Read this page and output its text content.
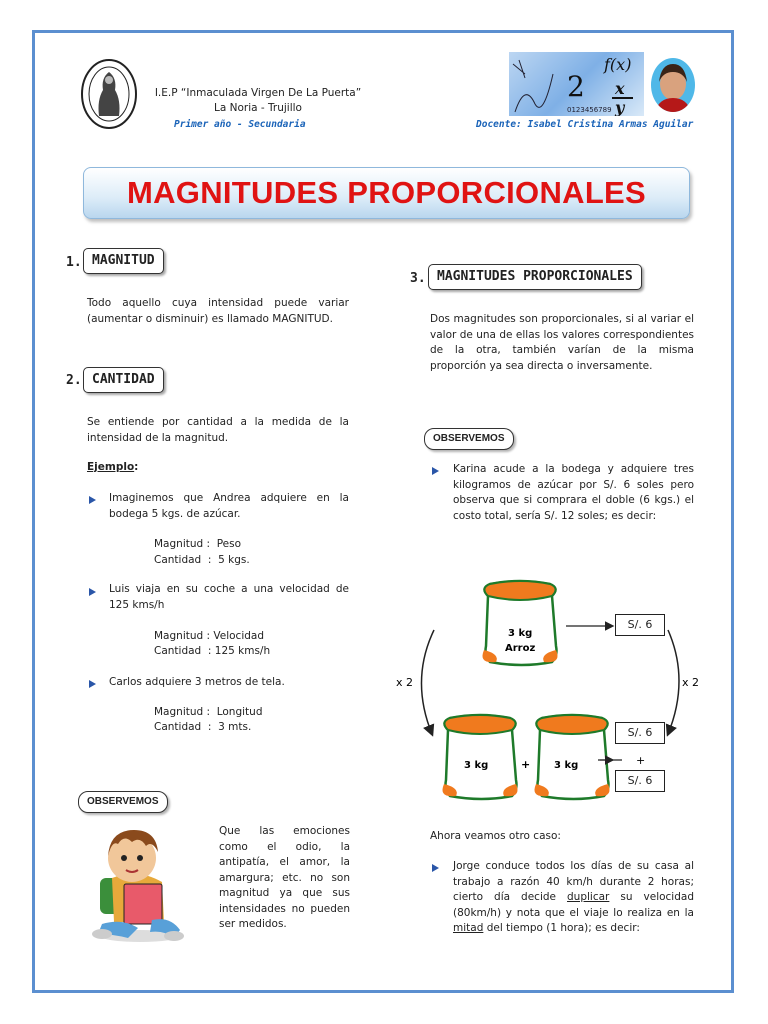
I.E.P “Inmaculada Virgen De La Puerta”
La Noria - Trujillo
Primer año - Secundaria
f(x)
2 x
y
0123456789
Docente: Isabel Cristina Armas Aguilar
MAGNITUDES PROPORCIONALES
1. MAGNITUD
Todo aquello cuya intensidad puede variar (aumentar o disminuir) es llamado MAGNITUD.
2. CANTIDAD
Se entiende por cantidad a la medida de la intensidad de la magnitud.
Ejemplo:
Imaginemos que Andrea adquiere en la bodega 5 kgs. de azúcar.
Magnitud :  Peso
Cantidad  :  5 kgs.
Luis viaja en su coche a una velocidad de 125 kms/h
Magnitud : Velocidad
Cantidad  : 125 kms/h
Carlos adquiere 3 metros de tela.
Magnitud :  Longitud
Cantidad  :  3 mts.
OBSERVEMOS
Que las emociones como el odio, la antipatía, el amor, la amargura; etc. no son magnitud ya que sus intensidades no pueden ser medidos.
3. MAGNITUDES PROPORCIONALES
Dos magnitudes son proporcionales, si al variar el valor de una de ellas los valores correspondientes de la otra, también varían de la misma proporción ya sea directa o inversamente.
OBSERVEMOS
Karina acude a la bodega y adquiere tres kilogramos de azúcar por S/. 6 soles pero observa que si comprara el doble (6 kgs.) el costo total, sería S/. 12 soles; es decir:
3 kg
Arroz
3 kg	+ 3 kg
x 2	x 2
+
S/. 6
S/. 6
S/. 6
Ahora veamos otro caso:
Jorge conduce todos los días de su casa al trabajo a razón 40 km/h durante 2 horas; cierto día decide duplicar su velocidad (80km/h) y nota que el viaje lo realiza en la mitad del tiempo (1 hora); es decir:
